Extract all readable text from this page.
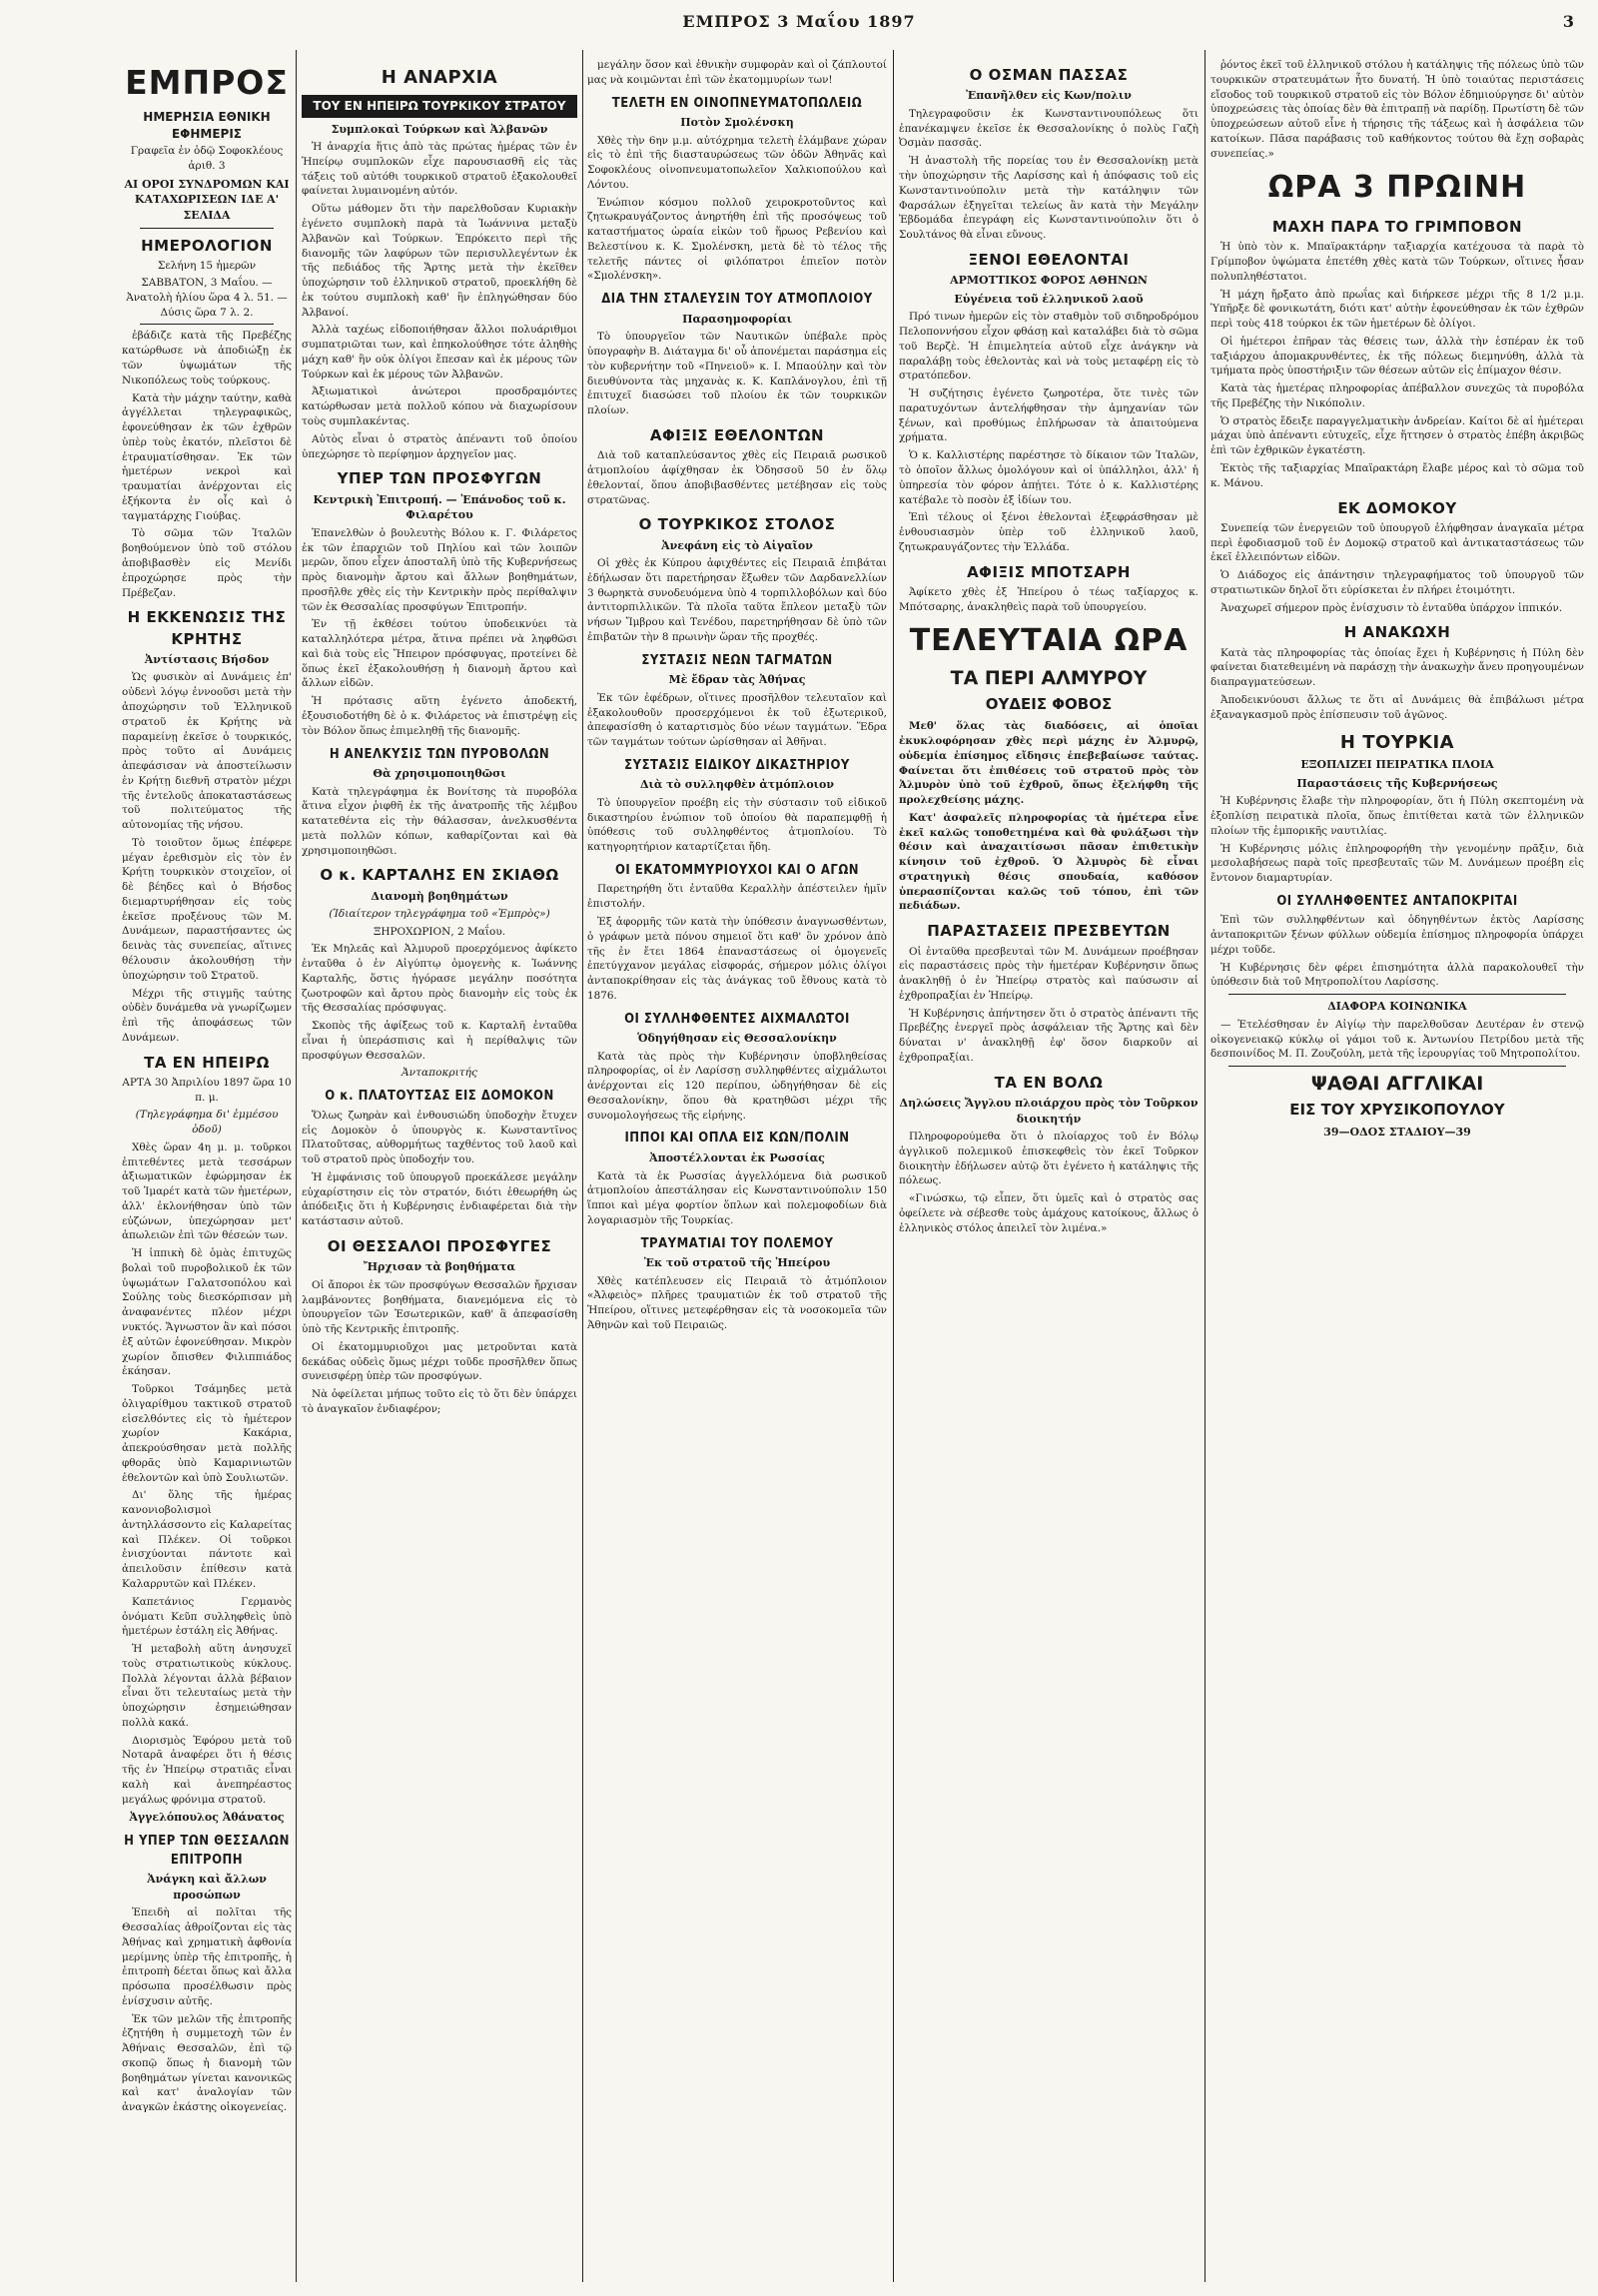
ΕΜΠΡΟΣ 3 Μαΐου 1897	3
ΕΜΠΡΟΣ
ΗΜΕΡΗΣΙΑ ΕΘΝΙΚΗ ΕΦΗΜΕΡΙΣ
Γραφεῖα ἐν ὁδῷ Σοφοκλέους ἀριθ. 3
ΑΙ ΟΡΟΙ ΣΥΝΔΡΟΜΩΝ ΚΑΙ ΚΑΤΑΧΩΡΙΣΕΩΝ ΙΔΕ Α' ΣΕΛΙΔΑ
ΗΜΕΡΟΛΟΓΙΟΝ
Σελήνη 15 ἡμερῶν
ΣΑΒΒΑΤΟΝ, 3 Μαΐου. — Ἀνατολὴ ἡλίου ὥρα 4 λ. 51. — Δύσις ὥρα 7 λ. 2.

ἐβάδιζε κατὰ τῆς Πρεβέζης κατώρθωσε νὰ ἀποδιώξῃ ἐκ τῶν ὑψωμάτων τῆς Νικοπόλεως τοὺς τούρκους.

Κατὰ τὴν μάχην ταύτην, καθὰ ἀγγέλλεται τηλεγραφικῶς, ἐφονεύθησαν ἐκ τῶν ἐχθρῶν ὑπὲρ τοὺς ἑκατόν, πλεῖστοι δὲ ἐτραυματίσθησαν. Ἐκ τῶν ἡμετέρων νεκροὶ καὶ τραυματίαι ἀνέρχονται εἰς ἑξήκοντα ἐν οἷς καὶ ὁ ταγματάρχης Γιούβας.

Τὸ σῶμα τῶν Ἰταλῶν βοηθούμενον ὑπὸ τοῦ στόλου ἀποβιβασθὲν εἰς Μενίδι ἐπροχώρησε πρὸς τὴν Πρέβεζαν.

Η ΕΚΚΕΝΩΣΙΣ ΤΗΣ ΚΡΗΤΗΣ
Ἀντίστασις Βήσδον

Ὡς φυσικὸν αἱ Δυνάμεις ἐπ' οὐδενὶ λόγῳ ἐννοοῦσι μετὰ τὴν ἀποχώρησιν τοῦ Ἑλληνικοῦ στρατοῦ ἐκ Κρήτης νὰ παραμείνῃ ἐκεῖσε ὁ τουρκικός, πρὸς τοῦτο αἱ Δυνάμεις ἀπεφάσισαν νὰ ἀποστείλωσιν ἐν Κρήτῃ διεθνῆ στρατὸν μέχρι τῆς ἐντελοῦς ἀποκαταστάσεως τοῦ πολιτεύματος τῆς αὐτονομίας τῆς νήσου.

Τὸ τοιοῦτον ὅμως ἐπέφερε μέγαν ἐρεθισμὸν εἰς τὸν ἐν Κρήτῃ τουρκικὸν στοιχεῖον, οἱ δὲ βέηδες καὶ ὁ Βήσδος διεμαρτυρήθησαν εἰς τοὺς ἐκεῖσε προξένους τῶν Μ. Δυνάμεων, παραστήσαντες ὡς δεινὰς τὰς συνεπείας, αἵτινες θέλουσιν ἀκολουθήσῃ τὴν ὑποχώρησιν τοῦ Στρατοῦ.

Μέχρι τῆς στιγμῆς ταύτης οὐδὲν δυνάμεθα νὰ γνωρίζωμεν ἐπὶ τῆς ἀποφάσεως τῶν Δυνάμεων.

ΤΑ ΕΝ ΗΠΕΙΡΩ
ΑΡΤΑ 30 Ἀπριλίου 1897 ὥρα 10 π. μ.
(Τηλεγράφημα δι' ἐμμέσου ὁδοῦ)

Χθὲς ὥραν 4η μ. μ. τοῦρκοι ἐπιτεθέντες μετὰ τεσσάρων ἀξιωματικῶν ἐφώρμησαν ἐκ τοῦ Ἱμαρέτ κατὰ τῶν ἡμετέρων, ἀλλ' ἐκλονήθησαν ὑπὸ τῶν εὐζώνων, ὑπεχώρησαν μετ' ἀπωλειῶν ἐπὶ τῶν θέσεών των.

Ἡ ἱππικὴ δὲ ὁμὰς ἐπιτυχῶς βολαὶ τοῦ πυροβολικοῦ ἐκ τῶν ὑψωμάτων Γαλατσοπόλου καὶ Σούλης τοὺς διεσκόρπισαν μὴ ἀναφανέντες πλέον μέχρι νυκτός. Ἄγνωστον ἂν καὶ πόσοι ἐξ αὐτῶν ἐφονεύθησαν. Μικρὸν χωρίον ὄπισθεν Φιλιππιάδος ἐκάησαν.

Τοῦρκοι Τσάμηδες μετὰ ὀλιγαρίθμου τακτικοῦ στρατοῦ εἰσελθόντες εἰς τὸ ἡμέτερον χωρίον Κακάρια, ἀπεκρούσθησαν μετὰ πολλῆς φθορᾶς ὑπὸ Καμαρινιωτῶν ἐθελοντῶν καὶ ὑπὸ Σουλιωτῶν.

Δι' ὅλης τῆς ἡμέρας κανονιοβολισμοὶ ἀντηλλάσσοντο εἰς Καλαρείτας καὶ Πλέκεν. Οἱ τοῦρκοι ἐνισχύονται πάντοτε καὶ ἀπειλοῦσιν ἐπίθεσιν κατὰ Καλαρρυτῶν καὶ Πλέκεν.

Καπετάνιος Γερμανὸς ὀνόματι Κεῦπ συλληφθεὶς ὑπὸ ἡμετέρων ἐστάλη εἰς Ἀθήνας.

Ἡ μεταβολὴ αὕτη ἀνησυχεῖ τοὺς στρατιωτικοὺς κύκλους. Πολλὰ λέγονται ἀλλὰ βέβαιον εἶναι ὅτι τελευταίως μετὰ τὴν ὑποχώρησιν ἐσημειώθησαν πολλὰ κακά.

Διορισμὸς Ἐφόρου μετὰ τοῦ Νοταρᾶ ἀναφέρει ὅτι ἡ θέσις τῆς ἐν Ἠπείρῳ στρατιᾶς εἶναι καλὴ καὶ ἀνεπηρέαστος μεγάλως φρόνιμα στρατοῦ.

Ἀγγελόπουλος Ἀθάνατος
Η ΥΠΕΡ ΤΩΝ ΘΕΣΣΑΛΩΝ ΕΠΙΤΡΟΠΗ
Ἀνάγκη καὶ ἄλλων προσώπων

Ἐπειδὴ αἱ πολῖται τῆς Θεσσαλίας ἀθροίζονται εἰς τὰς Ἀθήνας καὶ χρηματικὴ ἀφθονία μερίμνης ὑπὲρ τῆς ἐπιτροπῆς, ἡ ἐπιτροπὴ δέεται ὅπως καὶ ἄλλα πρόσωπα προσέλθωσιν πρὸς ἐνίσχυσιν αὐτῆς.

Ἐκ τῶν μελῶν τῆς ἐπιτροπῆς ἐζητήθη ἡ συμμετοχὴ τῶν ἐν Ἀθήναις Θεσσαλῶν, ἐπὶ τῷ σκοπῷ ὅπως ἡ διανομὴ τῶν βοηθημάτων γίνεται κανονικῶς καὶ κατ' ἀναλογίαν τῶν ἀναγκῶν ἑκάστης οἰκογενείας.

Η ΑΝΑΡΧΙΑ
ΤΟΥ ΕΝ ΗΠΕΙΡΩ ΤΟΥΡΚΙΚΟΥ ΣΤΡΑΤΟΥ
Συμπλοκαὶ Τούρκων καὶ Ἀλβανῶν

Ἡ ἀναρχία ἥτις ἀπὸ τὰς πρώτας ἡμέρας τῶν ἐν Ἠπείρῳ συμπλοκῶν εἶχε παρουσιασθῆ εἰς τὰς τάξεις τοῦ αὐτόθι τουρκικοῦ στρατοῦ ἐξακολουθεῖ φαίνεται λυμαινομένη αὐτόν.

Οὕτω μάθομεν ὅτι τὴν παρελθοῦσαν Κυριακὴν ἐγένετο συμπλοκὴ παρὰ τὰ Ἰωάννινα μεταξὺ Ἀλβανῶν καὶ Τούρκων. Ἐπρόκειτο περὶ τῆς διανομῆς τῶν λαφύρων τῶν περισυλλεγέντων ἐκ τῆς πεδιάδος τῆς Ἄρτης μετὰ τὴν ἐκεῖθεν ὑποχώρησιν τοῦ ἑλληνικοῦ στρατοῦ, προεκλήθη δὲ ἐκ τούτου συμπλοκὴ καθ' ἣν ἐπληγώθησαν δύο Ἀλβανοί.

Ἀλλὰ ταχέως εἰδοποιήθησαν ἄλλοι πολυάριθμοι συμπατριῶται των, καὶ ἐπηκολούθησε τότε ἀληθὴς μάχη καθ' ἣν οὐκ ὀλίγοι ἔπεσαν καὶ ἐκ μέρους τῶν Τούρκων καὶ ἐκ μέρους τῶν Ἀλβανῶν.

Ἀξιωματικοὶ ἀνώτεροι προσδραμόντες κατώρθωσαν μετὰ πολλοῦ κόπου νὰ διαχωρίσουν τοὺς συμπλακέντας.

Αὐτὸς εἶναι ὁ στρατὸς ἀπέναντι τοῦ ὁποίου ὑπεχώρησε τὸ περίφημον ἀρχηγεῖον μας.

ΥΠΕΡ ΤΩΝ ΠΡΟΣΦΥΓΩΝ
Κεντρικὴ Ἐπιτροπή. — Ἐπάνοδος τοῦ κ. Φιλαρέτου

Ἐπανελθὼν ὁ βουλευτὴς Βόλου κ. Γ. Φιλάρετος ἐκ τῶν ἐπαρχιῶν τοῦ Πηλίου καὶ τῶν λοιπῶν μερῶν, ὅπου εἶχεν ἀποσταλῆ ὑπὸ τῆς Κυβερνήσεως πρὸς διανομὴν ἄρτου καὶ ἄλλων βοηθημάτων, προσῆλθε χθὲς εἰς τὴν Κεντρικὴν πρὸς περίθαλψιν τῶν ἐκ Θεσσαλίας προσφύγων Ἐπιτροπήν.

Ἐν τῇ ἐκθέσει τούτου ὑποδεικνύει τὰ καταλληλότερα μέτρα, ἅτινα πρέπει νὰ ληφθῶσι καὶ διὰ τοὺς εἰς Ἤπειρον πρόσφυγας, προτείνει δὲ ὅπως ἐκεῖ ἐξακολουθήσῃ ἡ διανομὴ ἄρτου καὶ ἄλλων εἰδῶν.

Ἡ πρότασις αὕτη ἐγένετο ἀποδεκτή, ἐξουσιοδοτήθη δὲ ὁ κ. Φιλάρετος νὰ ἐπιστρέψῃ εἰς τὸν Βόλον ὅπως ἐπιμεληθῇ τῆς διανομῆς.

Η ΑΝΕΛΚΥΣΙΣ ΤΩΝ ΠΥΡΟΒΟΛΩΝ
Θὰ χρησιμοποιηθῶσι

Κατὰ τηλεγράφημα ἐκ Βονίτσης τὰ πυροβόλα ἅτινα εἶχον ῥιφθῆ ἐκ τῆς ἀνατροπῆς τῆς λέμβου κατατεθέντα εἰς τὴν θάλασσαν, ἀνελκυσθέντα μετὰ πολλῶν κόπων, καθαρίζονται καὶ θὰ χρησιμοποιηθῶσι.

Ο κ. ΚΑΡΤΑΛΗΣ ΕΝ ΣΚΙΑΘΩ
Διανομὴ βοηθημάτων
(Ἰδιαίτερον τηλεγράφημα τοῦ «Ἐμπρὸς»)
ΞΗΡΟΧΩΡΙΟΝ, 2 Μαΐου.

Ἐκ Μηλεᾶς καὶ Ἀλμυροῦ προερχόμενος ἀφίκετο ἐνταῦθα ὁ ἐν Αἰγύπτῳ ὁμογενὴς κ. Ἰωάννης Καρταλῆς, ὅστις ἠγόρασε μεγάλην ποσότητα ζωοτροφῶν καὶ ἄρτου πρὸς διανομὴν εἰς τοὺς ἐκ τῆς Θεσσαλίας πρόσφυγας.

Σκοπὸς τῆς ἀφίξεως τοῦ κ. Καρταλῆ ἐνταῦθα εἶναι ἡ ὑπεράσπισις καὶ ἡ περίθαλψις τῶν προσφύγων Θεσσαλῶν.

Ἀνταποκριτής
Ο κ. ΠΛΑΤΟΥΤΣΑΣ ΕΙΣ ΔΟΜΟΚΟΝ

Ὅλως ζωηρὰν καὶ ἐνθουσιώδη ὑποδοχὴν ἔτυχεν εἰς Δομοκὸν ὁ ὑπουργὸς κ. Κωνσταντῖνος Πλατοῦτσας, αὐθορμήτως ταχθέντος τοῦ λαοῦ καὶ τοῦ στρατοῦ πρὸς ὑποδοχήν του.

Ἡ ἐμφάνισις τοῦ ὑπουργοῦ προεκάλεσε μεγάλην εὐχαρίστησιν εἰς τὸν στρατόν, διότι ἐθεωρήθη ὡς ἀπόδειξις ὅτι ἡ Κυβέρνησις ἐνδιαφέρεται διὰ τὴν κατάστασιν αὐτοῦ.

ΟΙ ΘΕΣΣΑΛΟΙ ΠΡΟΣΦΥΓΕΣ
Ἤρχισαν τὰ βοηθήματα

Οἱ ἄποροι ἐκ τῶν προσφύγων Θεσσαλῶν ἤρχισαν λαμβάνοντες βοηθήματα, διανεμόμενα εἰς τὸ ὑπουργεῖον τῶν Ἐσωτερικῶν, καθ' ἃ ἀπεφασίσθη ὑπὸ τῆς Κεντρικῆς ἐπιτροπῆς.

Οἱ ἐκατομμυριοῦχοι μας μετροῦνται κατὰ δεκάδας οὐδεὶς ὅμως μέχρι τοῦδε προσῆλθεν ὅπως συνεισφέρῃ ὑπὲρ τῶν προσφύγων.

Νὰ ὀφείλεται μήπως τοῦτο εἰς τὸ ὅτι δὲν ὑπάρχει τὸ ἀναγκαῖον ἐνδιαφέρον;

μεγάλην ὅσον καὶ ἐθνικὴν συμφορὰν καὶ οἱ ζάπλουτοί μας νὰ κοιμῶνται ἐπὶ τῶν ἑκατομμυρίων των!

ΤΕΛΕΤΗ ΕΝ ΟΙΝΟΠΝΕΥΜΑΤΟΠΩΛΕΙΩ
Ποτὸν Σμολένσκη

Χθὲς τὴν 6ην μ.μ. αὐτόχρημα τελετὴ ἐλάμβανε χώραν εἰς τὸ ἐπὶ τῆς διασταυρώσεως τῶν ὁδῶν Ἀθηνᾶς καὶ Σοφοκλέους οἰνοπνευματοπωλεῖον Χαλκιοπούλου καὶ Λόντου.

Ἐνώπιον κόσμου πολλοῦ χειροκροτοῦντος καὶ ζητωκραυγάζοντος ἀνηρτήθη ἐπὶ τῆς προσόψεως τοῦ καταστήματος ὡραία εἰκὼν τοῦ ἥρωος Ρεβενίου καὶ Βελεστίνου κ. Κ. Σμολένσκη, μετὰ δὲ τὸ τέλος τῆς τελετῆς πάντες οἱ φιλόπατροι ἐπιεῖον ποτὸν «Σμολένσκη».

ΔΙΑ ΤΗΝ ΣΤΑΛΕΥΣΙΝ ΤΟΥ ΑΤΜΟΠΛΟΙΟΥ
Παρασημοφορίαι

Τὸ ὑπουργεῖον τῶν Ναυτικῶν ὑπέβαλε πρὸς ὑπογραφὴν Β. Διάταγμα δι' οὗ ἀπονέμεται παράσημα εἰς τὸν κυβερνήτην τοῦ «Πηνειοῦ» κ. Ι. Μπαούλην καὶ τὸν διευθύνοντα τὰς μηχανὰς κ. Κ. Καπλάνογλου, ἐπὶ τῇ ἐπιτυχεῖ διασώσει τοῦ πλοίου ἐκ τῶν τουρκικῶν πλοίων.

ΑΦΙΞΙΣ ΕΘΕΛΟΝΤΩΝ

Διὰ τοῦ καταπλεύσαντος χθὲς εἰς Πειραιᾶ ρωσικοῦ ἀτμοπλοίου ἀφίχθησαν ἐκ Ὀδησσοῦ 50 ἐν ὅλῳ ἐθελονταί, ὅπου ἀποβιβασθέντες μετέβησαν εἰς τοὺς στρατῶνας.

Ο ΤΟΥΡΚΙΚΟΣ ΣΤΟΛΟΣ
Ἀνεφάνη εἰς τὸ Αἰγαῖον

Οἱ χθὲς ἐκ Κύπρου ἀφιχθέντες εἰς Πειραιᾶ ἐπιβάται ἐδήλωσαν ὅτι παρετήρησαν ἔξωθεν τῶν Δαρδανελλίων 3 θωρηκτὰ συνοδευόμενα ὑπὸ 4 τορπιλλοβόλων καὶ δύο ἀντιτορπιλλικῶν. Τὰ πλοῖα ταῦτα ἔπλεον μεταξὺ τῶν νήσων Ἴμβρου καὶ Τενέδου, παρετηρήθησαν δὲ ὑπὸ τῶν ἐπιβατῶν τὴν 8 πρωινὴν ὥραν τῆς προχθές.

ΣΥΣΤΑΣΙΣ ΝΕΩΝ ΤΑΓΜΑΤΩΝ
Μὲ ἔδραν τὰς Ἀθήνας

Ἐκ τῶν ἐφέδρων, οἵτινες προσῆλθον τελευταῖον καὶ ἐξακολουθοῦν προσερχόμενοι ἐκ τοῦ ἐξωτερικοῦ, ἀπεφασίσθη ὁ καταρτισμὸς δύο νέων ταγμάτων. Ἕδρα τῶν ταγμάτων τούτων ὡρίσθησαν αἱ Ἀθῆναι.

ΣΥΣΤΑΣΙΣ ΕΙΔΙΚΟΥ ΔΙΚΑΣΤΗΡΙΟΥ
Διὰ τὸ συλληφθὲν ἀτμόπλοιον

Τὸ ὑπουργεῖον προέβη εἰς τὴν σύστασιν τοῦ εἰδικοῦ δικαστηρίου ἐνώπιον τοῦ ὁποίου θὰ παραπεμφθῇ ἡ ὑπόθεσις τοῦ συλληφθέντος ἀτμοπλοίου. Τὸ κατηγορητήριον καταρτίζεται ἤδη.

ΟΙ ΕΚΑΤΟΜΜΥΡΙΟΥΧΟΙ ΚΑΙ Ο ΑΓΩΝ

Παρετηρήθη ὅτι ἐνταῦθα Κεραλλὴν ἀπέστειλεν ἡμῖν ἐπιστολήν.

Ἐξ ἀφορμῆς τῶν κατὰ τὴν ὑπόθεσιν ἀναγνωσθέντων, ὁ γράφων μετὰ πόνου σημειοῖ ὅτι καθ' ὃν χρόνον ἀπὸ τῆς ἐν ἔτει 1864 ἐπαναστάσεως οἱ ὁμογενεῖς ἐπετύγχανον μεγάλας εἰσφοράς, σήμερον μόλις ὀλίγοι ἀνταποκρίθησαν εἰς τὰς ἀνάγκας τοῦ ἔθνους κατὰ τὸ 1876.

ΟΙ ΣΥΛΛΗΦΘΕΝΤΕΣ ΑΙΧΜΑΛΩΤΟΙ
Ὁδηγήθησαν εἰς Θεσσαλονίκην

Κατὰ τὰς πρὸς τὴν Κυβέρνησιν ὑποβληθείσας πληροφορίας, οἱ ἐν Λαρίσσῃ συλληφθέντες αἰχμάλωτοι ἀνέρχονται εἰς 120 περίπου, ὡδηγήθησαν δὲ εἰς Θεσσαλονίκην, ὅπου θὰ κρατηθῶσι μέχρι τῆς συνομολογήσεως τῆς εἰρήνης.

ΙΠΠΟΙ ΚΑΙ ΟΠΛΑ ΕΙΣ ΚΩΝ/ΠΟΛΙΝ
Ἀποστέλλονται ἐκ Ρωσσίας

Κατὰ τὰ ἐκ Ρωσσίας ἀγγελλόμενα διὰ ρωσικοῦ ἀτμοπλοίου ἀπεστάλησαν εἰς Κωνσταντινούπολιν 150 ἵπποι καὶ μέγα φορτίον ὅπλων καὶ πολεμοφοδίων διὰ λογαριασμὸν τῆς Τουρκίας.

ΤΡΑΥΜΑΤΙΑΙ ΤΟΥ ΠΟΛΕΜΟΥ
Ἐκ τοῦ στρατοῦ τῆς Ἠπείρου

Χθὲς κατέπλευσεν εἰς Πειραιᾶ τὸ ἀτμόπλοιον «Ἀλφειὸς» πλῆρες τραυματιῶν ἐκ τοῦ στρατοῦ τῆς Ἠπείρου, οἵτινες μετεφέρθησαν εἰς τὰ νοσοκομεῖα τῶν Ἀθηνῶν καὶ τοῦ Πειραιῶς.

Ο ΟΣΜΑΝ ΠΑΣΣΑΣ
Ἐπανῆλθεν εἰς Κων/πολιν

Τηλεγραφοῦσιν ἐκ Κωνσταντινουπόλεως ὅτι ἐπανέκαμψεν ἐκεῖσε ἐκ Θεσσαλονίκης ὁ πολὺς Γαζὴ Ὀσμὰν πασσᾶς.

Ἡ ἀναστολὴ τῆς πορείας του ἐν Θεσσαλονίκῃ μετὰ τὴν ὑποχώρησιν τῆς Λαρίσσης καὶ ἡ ἀπόφασις τοῦ εἰς Κωνσταντινούπολιν μετὰ τὴν κατάληψιν τῶν Φαρσάλων ἐξηγεῖται τελείως ἂν κατὰ τὴν Μεγάλην Ἑβδομάδα ἐπεγράφη εἰς Κωνσταντινούπολιν ὅτι ὁ Σουλτάνος θὰ εἶναι εὔνους.

ΞΕΝΟΙ ΕΘΕΛΟΝΤΑΙ
ΑΡΜΟΤΤΙΚΟΣ ΦΟΡΟΣ ΑΘΗΝΩΝ
Εὐγένεια τοῦ ἑλληνικοῦ λαοῦ

Πρό τινων ἡμερῶν εἰς τὸν σταθμὸν τοῦ σιδηροδρόμου Πελοποννήσου εἶχον φθάσῃ καὶ καταλάβει διὰ τὸ σῶμα τοῦ Βερζὲ. Ἡ ἐπιμελητεία αὐτοῦ εἶχε ἀνάγκην νὰ παραλάβῃ τοὺς ἐθελοντὰς καὶ νὰ τοὺς μεταφέρῃ εἰς τὸ στρατόπεδον.

Ἡ συζήτησις ἐγένετο ζωηροτέρα, ὅτε τινὲς τῶν παρατυχόντων ἀντελήφθησαν τὴν ἀμηχανίαν τῶν ξένων, καὶ προθύμως ἐπλήρωσαν τὰ ἀπαιτούμενα χρήματα.

Ὁ κ. Καλλιστέρης παρέστησε τὸ δίκαιον τῶν Ἰταλῶν, τὸ ὁποῖον ἄλλως ὁμολόγουν καὶ οἱ ὑπάλληλοι, ἀλλ' ἡ ὑπηρεσία τὸν φόρον ἀπῄτει. Τότε ὁ κ. Καλλιστέρης κατέβαλε τὸ ποσὸν ἐξ ἰδίων του.

Ἐπὶ τέλους οἱ ξένοι ἐθελονταὶ ἐξεφράσθησαν μὲ ἐνθουσιασμὸν ὑπὲρ τοῦ ἑλληνικοῦ λαοῦ, ζητωκραυγάζοντες τὴν Ἑλλάδα.

ΑΦΙΞΙΣ ΜΠΟΤΣΑΡΗ

Ἀφίκετο χθὲς ἐξ Ἠπείρου ὁ τέως ταξίαρχος κ. Μπότσαρης, ἀνακληθεὶς παρὰ τοῦ ὑπουργείου.

ΤΕΛΕΥΤΑΙΑ ΩΡΑ
ΤΑ ΠΕΡΙ ΑΛΜΥΡΟΥ
ΟΥΔΕΙΣ ΦΟΒΟΣ

Μεθ' ὅλας τὰς διαδόσεις, αἱ ὁποῖαι ἐκυκλοφόρησαν χθὲς περὶ μάχης ἐν Ἀλμυρῷ, οὐδεμία ἐπίσημος εἴδησις ἐπεβεβαίωσε ταύτας. Φαίνεται ὅτι ἐπιθέσεις τοῦ στρατοῦ πρὸς τὸν Ἀλμυρὸν ὑπὸ τοῦ ἐχθροῦ, ὅπως ἐξελήφθη τῆς προλεχθείσης μάχης.

Κατ' ἀσφαλεῖς πληροφορίας τὰ ἡμέτερα εἶνε ἐκεῖ καλῶς τοποθετημένα καὶ θὰ φυλάξωσι τὴν θέσιν καὶ ἀναχαιτίσωσι πᾶσαν ἐπιθετικὴν κίνησιν τοῦ ἐχθροῦ. Ὁ Ἀλμυρὸς δὲ εἶναι στρατηγικὴ θέσις σπουδαία, καθόσον ὑπερασπίζονται καλῶς τοῦ τόπου, ἐπὶ τῶν πεδιάδων.

ΠΑΡΑΣΤΑΣΕΙΣ ΠΡΕΣΒΕΥΤΩΝ

Οἱ ἐνταῦθα πρεσβευταὶ τῶν Μ. Δυνάμεων προέβησαν εἰς παραστάσεις πρὸς τὴν ἡμετέραν Κυβέρνησιν ὅπως ἀνακληθῇ ὁ ἐν Ἠπείρῳ στρατὸς καὶ παύσωσιν αἱ ἐχθροπραξίαι ἐν Ἠπείρῳ.

Ἡ Κυβέρνησις ἀπήντησεν ὅτι ὁ στρατὸς ἀπέναντι τῆς Πρεβέζης ἐνεργεῖ πρὸς ἀσφάλειαν τῆς Ἄρτης καὶ δὲν δύναται ν' ἀνακληθῇ ἐφ' ὅσον διαρκοῦν αἱ ἐχθροπραξίαι.

ΤΑ ΕΝ ΒΟΛΩ
Δηλώσεις Ἄγγλου πλοιάρχου πρὸς τὸν Τοῦρκον διοικητήν

Πληροφορούμεθα ὅτι ὁ πλοίαρχος τοῦ ἐν Βόλῳ ἀγγλικοῦ πολεμικοῦ ἐπισκεφθεὶς τὸν ἐκεῖ Τοῦρκον διοικητὴν ἐδήλωσεν αὐτῷ ὅτι ἐγένετο ἡ κατάληψις τῆς πόλεως.

«Γινώσκω, τῷ εἶπεν, ὅτι ὑμεῖς καὶ ὁ στρατὸς σας ὀφείλετε νὰ σέβεσθε τοὺς ἀμάχους κατοίκους, ἄλλως ὁ ἑλληνικὸς στόλος ἀπειλεῖ τὸν λιμένα.»

ῥόντος ἐκεῖ τοῦ ἑλληνικοῦ στόλου ἡ κατάληψις τῆς πόλεως ὑπὸ τῶν τουρκικῶν στρατευμάτων ἦτο δυνατή. Ἡ ὑπὸ τοιαύτας περιστάσεις εἴσοδος τοῦ τουρκικοῦ στρατοῦ εἰς τὸν Βόλον ἐδημιούργησε δι' αὐτὸν ὑποχρεώσεις τὰς ὁποίας δὲν θὰ ἐπιτραπῇ νὰ παρίδῃ. Πρωτίστη δὲ τῶν ὑποχρεώσεων αὐτοῦ εἶνε ἡ τήρησις τῆς τάξεως καὶ ἡ ἀσφάλεια τῶν κατοίκων. Πᾶσα παράβασις τοῦ καθήκοντος τούτου θὰ ἔχῃ σοβαρὰς συνεπείας.»

ΩΡΑ 3 ΠΡΩΙΝΗ
ΜΑΧΗ ΠΑΡΑ ΤΟ ΓΡΙΜΠΟΒΟΝ

Ἡ ὑπὸ τὸν κ. Μπαϊρακτάρην ταξιαρχία κατέχουσα τὰ παρὰ τὸ Γρίμποβον ὑψώματα ἐπετέθη χθὲς κατὰ τῶν Τούρκων, οἵτινες ἦσαν πολυπληθέστατοι.

Ἡ μάχη ἤρξατο ἀπὸ πρωΐας καὶ διήρκεσε μέχρι τῆς 8 1/2 μ.μ. Ὑπῆρξε δὲ φονικωτάτη, διότι κατ' αὐτὴν ἐφονεύθησαν ἐκ τῶν ἐχθρῶν περὶ τοὺς 418 τούρκοι ἐκ τῶν ἡμετέρων δὲ ὀλίγοι.

Οἱ ἡμέτεροι ἐπῆραν τὰς θέσεις των, ἀλλὰ τὴν ἑσπέραν ἐκ τοῦ ταξιάρχου ἀπομακρυνθέντες, ἐκ τῆς πόλεως διεμηνύθη, ἀλλὰ τὰ τμήματα πρὸς ὑποστήριξιν τῶν θέσεων αὐτῶν εἰς ἐπίμαχον θέσιν.

Κατὰ τὰς ἡμετέρας πληροφορίας ἀπέβαλλον συνεχῶς τὰ πυροβόλα τῆς Πρεβέζης τὴν Νικόπολιν.

Ὁ στρατὸς ἔδειξε παραγγελματικὴν ἀνδρείαν. Καίτοι δὲ αἱ ἡμέτεραι μάχαι ὑπὸ ἀπέναντι εὐτυχεῖς, εἶχε ἥττησεν ὁ στρατὸς ἐπέβη ἀκριβῶς ἐπὶ τῶν ἐχθρικῶν ἐγκατέστη.

Ἐκτὸς τῆς ταξιαρχίας Μπαϊρακτάρη ἔλαβε μέρος καὶ τὸ σῶμα τοῦ κ. Μάνου.

ΕΚ ΔΟΜΟΚΟΥ

Συνεπείᾳ τῶν ἐνεργειῶν τοῦ ὑπουργοῦ ἐλήφθησαν ἀναγκαῖα μέτρα περὶ ἐφοδιασμοῦ τοῦ ἐν Δομοκῷ στρατοῦ καὶ ἀντικαταστάσεως τῶν ἐκεῖ ἐλλειπόντων εἰδῶν.

Ὁ Διάδοχος εἰς ἀπάντησιν τηλεγραφήματος τοῦ ὑπουργοῦ τῶν στρατιωτικῶν δηλοῖ ὅτι εὑρίσκεται ἐν πλήρει ἐτοιμότητι.

Ἀναχωρεῖ σήμερον πρὸς ἐνίσχυσιν τὸ ἐνταῦθα ὑπάρχον ἱππικόν.

Η ΑΝΑΚΩΧΗ

Κατὰ τὰς πληροφορίας τὰς ὁποίας ἔχει ἡ Κυβέρνησις ἡ Πύλη δὲν φαίνεται διατεθειμένη νὰ παράσχῃ τὴν ἀνακωχὴν ἄνευ προηγουμένων διαπραγματεύσεων.

Ἀποδεικνύουσι ἄλλως τε ὅτι αἱ Δυνάμεις θὰ ἐπιβάλωσι μέτρα ἐξαναγκασμοῦ πρὸς ἐπίσπευσιν τοῦ ἀγῶνος.

Η ΤΟΥΡΚΙΑ
ΕΞΟΠΛΙΖΕΙ ΠΕΙΡΑΤΙΚΑ ΠΛΟΙΑ
Παραστάσεις τῆς Κυβερνήσεως

Ἡ Κυβέρνησις ἔλαβε τὴν πληροφορίαν, ὅτι ἡ Πύλη σκεπτομένη νὰ ἐξοπλίσῃ πειρατικὰ πλοῖα, ὅπως ἐπιτίθεται κατὰ τῶν ἑλληνικῶν πλοίων τῆς ἐμπορικῆς ναυτιλίας.

Ἡ Κυβέρνησις μόλις ἐπληροφορήθη τὴν γενομένην πρᾶξιν, διὰ μεσολαβήσεως παρὰ τοῖς πρεσβευταῖς τῶν Μ. Δυνάμεων προέβη εἰς ἔντονον διαμαρτυρίαν.

ΟΙ ΣΥΛΛΗΦΘΕΝΤΕΣ ΑΝΤΑΠΟΚΡΙΤΑΙ

Ἐπὶ τῶν συλληφθέντων καὶ ὁδηγηθέντων ἐκτὸς Λαρίσσης ἀνταποκριτῶν ξένων φύλλων οὐδεμία ἐπίσημος πληροφορία ὑπάρχει μέχρι τοῦδε.

Ἡ Κυβέρνησις δὲν φέρει ἐπισημότητα ἀλλὰ παρακολουθεῖ τὴν ὑπόθεσιν διὰ τοῦ Μητροπολίτου Λαρίσσης.

ΔΙΑΦΟΡΑ ΚΟΙΝΩΝΙΚΑ

— Ἐτελέσθησαν ἐν Αἰγίῳ τὴν παρελθοῦσαν Δευτέραν ἐν στενῷ οἰκογενειακῷ κύκλῳ οἱ γάμοι τοῦ κ. Ἀντωνίου Πετρίδου μετὰ τῆς δεσποινίδος Μ. Π. Ζουζούλη, μετὰ τῆς ἱερουργίας τοῦ Μητροπολίτου.

ΨΑΘΑΙ ΑΓΓΛΙΚΑΙ
ΕΙΣ ΤΟΥ ΧΡΥΣΙΚΟΠΟΥΛΟΥ
39—ΟΔΟΣ ΣΤΑΔΙΟΥ—39
